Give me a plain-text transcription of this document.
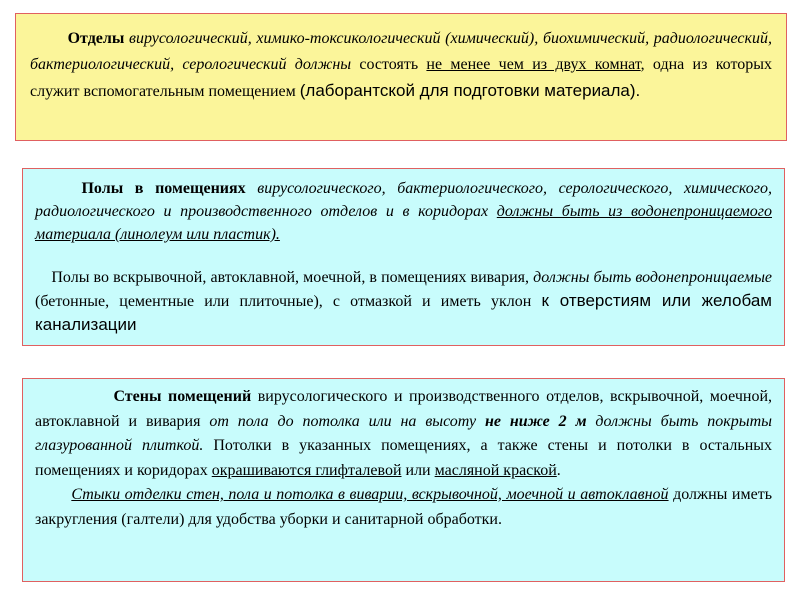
Отделы вирусологический, химико-токсикологический (химический), биохимический, радиологический, бактериологический, серологический должны состоять не менее чем из двух комнат, одна из которых служит вспомогательным помещением (лаборантской для подготовки материала).

Полы в помещениях вирусологического, бактериологического, серологического, химического, радиологического и производственного отделов и в коридорах должны быть из водонепроницаемого материала (линолеум или пластик).

Полы во вскрывочной, автоклавной, моечной, в помещениях вивария, должны быть водонепроницаемые (бетонные, цементные или плиточные), с отмазкой и иметь уклон к отверстиям или желобам канализации

Стены помещений вирусологического и производственного отделов, вскрывочной, моечной, автоклавной и вивария от пола до потолка или на высоту не ниже 2 м должны быть покрыты глазурованной плиткой. Потолки в указанных помещениях, а также стены и потолки в остальных помещениях и коридорах окрашиваются глифталевой или масляной краской.

Стыки отделки стен, пола и потолка в виварии, вскрывочной, моечной и автоклавной должны иметь закругления (галтели) для удобства уборки и санитарной обработки.
